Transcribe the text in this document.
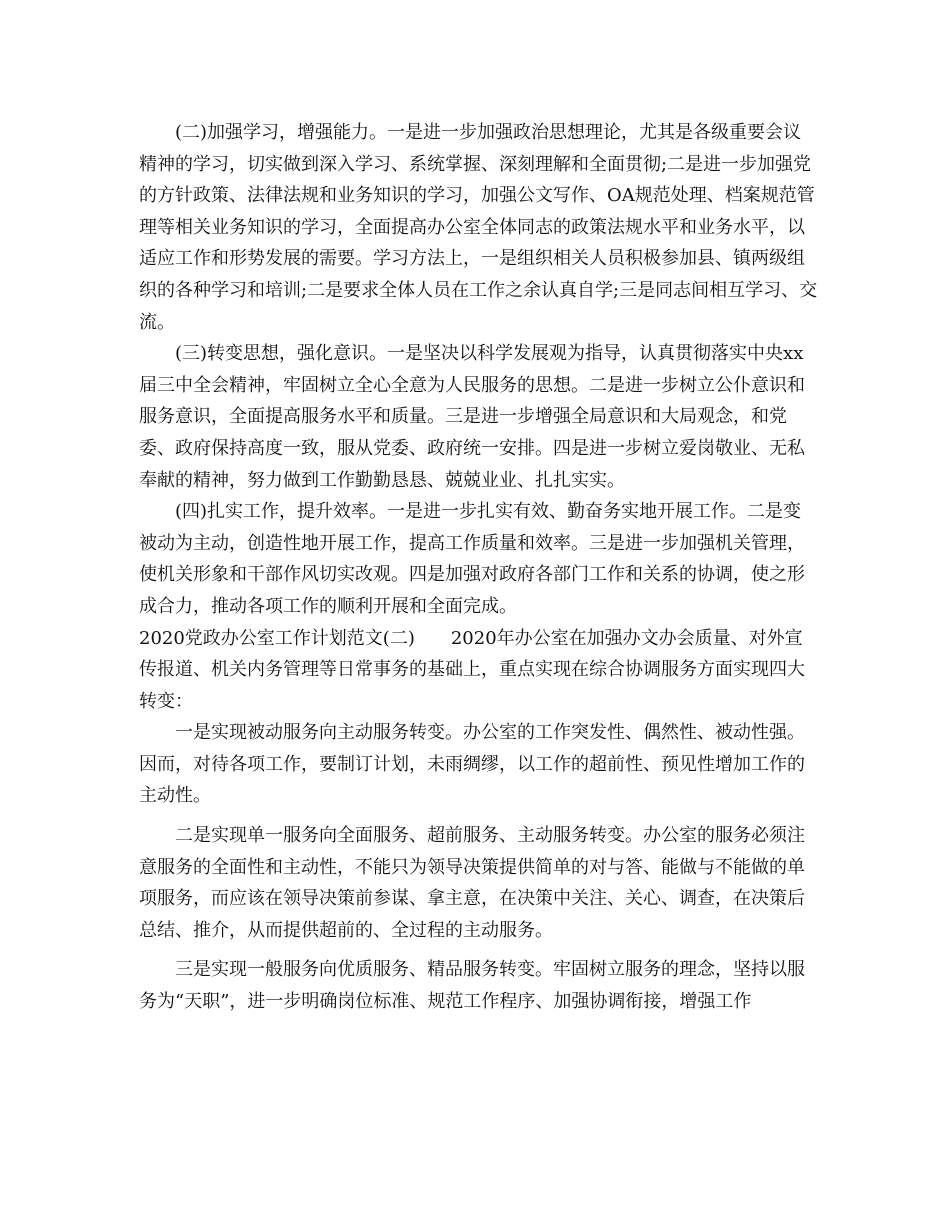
(二)加强学习，增强能力。一是进一步加强政治思想理论，尤其是各级重要会议精神的学习，切实做到深入学习、系统掌握、深刻理解和全面贯彻;二是进一步加强党的方针政策、法律法规和业务知识的学习，加强公文写作、OA规范处理、档案规范管理等相关业务知识的学习，全面提高办公室全体同志的政策法规水平和业务水平，以适应工作和形势发展的需要。学习方法上，一是组织相关人员积极参加县、镇两级组织的各种学习和培训;二是要求全体人员在工作之余认真自学;三是同志间相互学习、交流。

(三)转变思想，强化意识。一是坚决以科学发展观为指导，认真贯彻落实中央xx届三中全会精神，牢固树立全心全意为人民服务的思想。二是进一步树立公仆意识和服务意识，全面提高服务水平和质量。三是进一步增强全局意识和大局观念，和党委、政府保持高度一致，服从党委、政府统一安排。四是进一步树立爱岗敬业、无私奉献的精神，努力做到工作勤勤恳恳、兢兢业业、扎扎实实。

(四)扎实工作，提升效率。一是进一步扎实有效、勤奋务实地开展工作。二是变被动为主动，创造性地开展工作，提高工作质量和效率。三是进一步加强机关管理，使机关形象和干部作风切实改观。四是加强对政府各部门工作和关系的协调，使之形成合力，推动各项工作的顺利开展和全面完成。

2020党政办公室工作计划范文(二) 2020年办公室在加强办文办会质量、对外宣传报道、机关内务管理等日常事务的基础上，重点实现在综合协调服务方面实现四大转变：

一是实现被动服务向主动服务转变。办公室的工作突发性、偶然性、被动性强。因而，对待各项工作，要制订计划，未雨绸缪，以工作的超前性、预见性增加工作的主动性。

二是实现单一服务向全面服务、超前服务、主动服务转变。办公室的服务必须注意服务的全面性和主动性，不能只为领导决策提供简单的对与答、能做与不能做的单项服务，而应该在领导决策前参谋、拿主意，在决策中关注、关心、调查，在决策后总结、推介，从而提供超前的、全过程的主动服务。

三是实现一般服务向优质服务、精品服务转变。牢固树立服务的理念，坚持以服务为“天职”，进一步明确岗位标准、规范工作程序、加强协调衔接，增强工作
